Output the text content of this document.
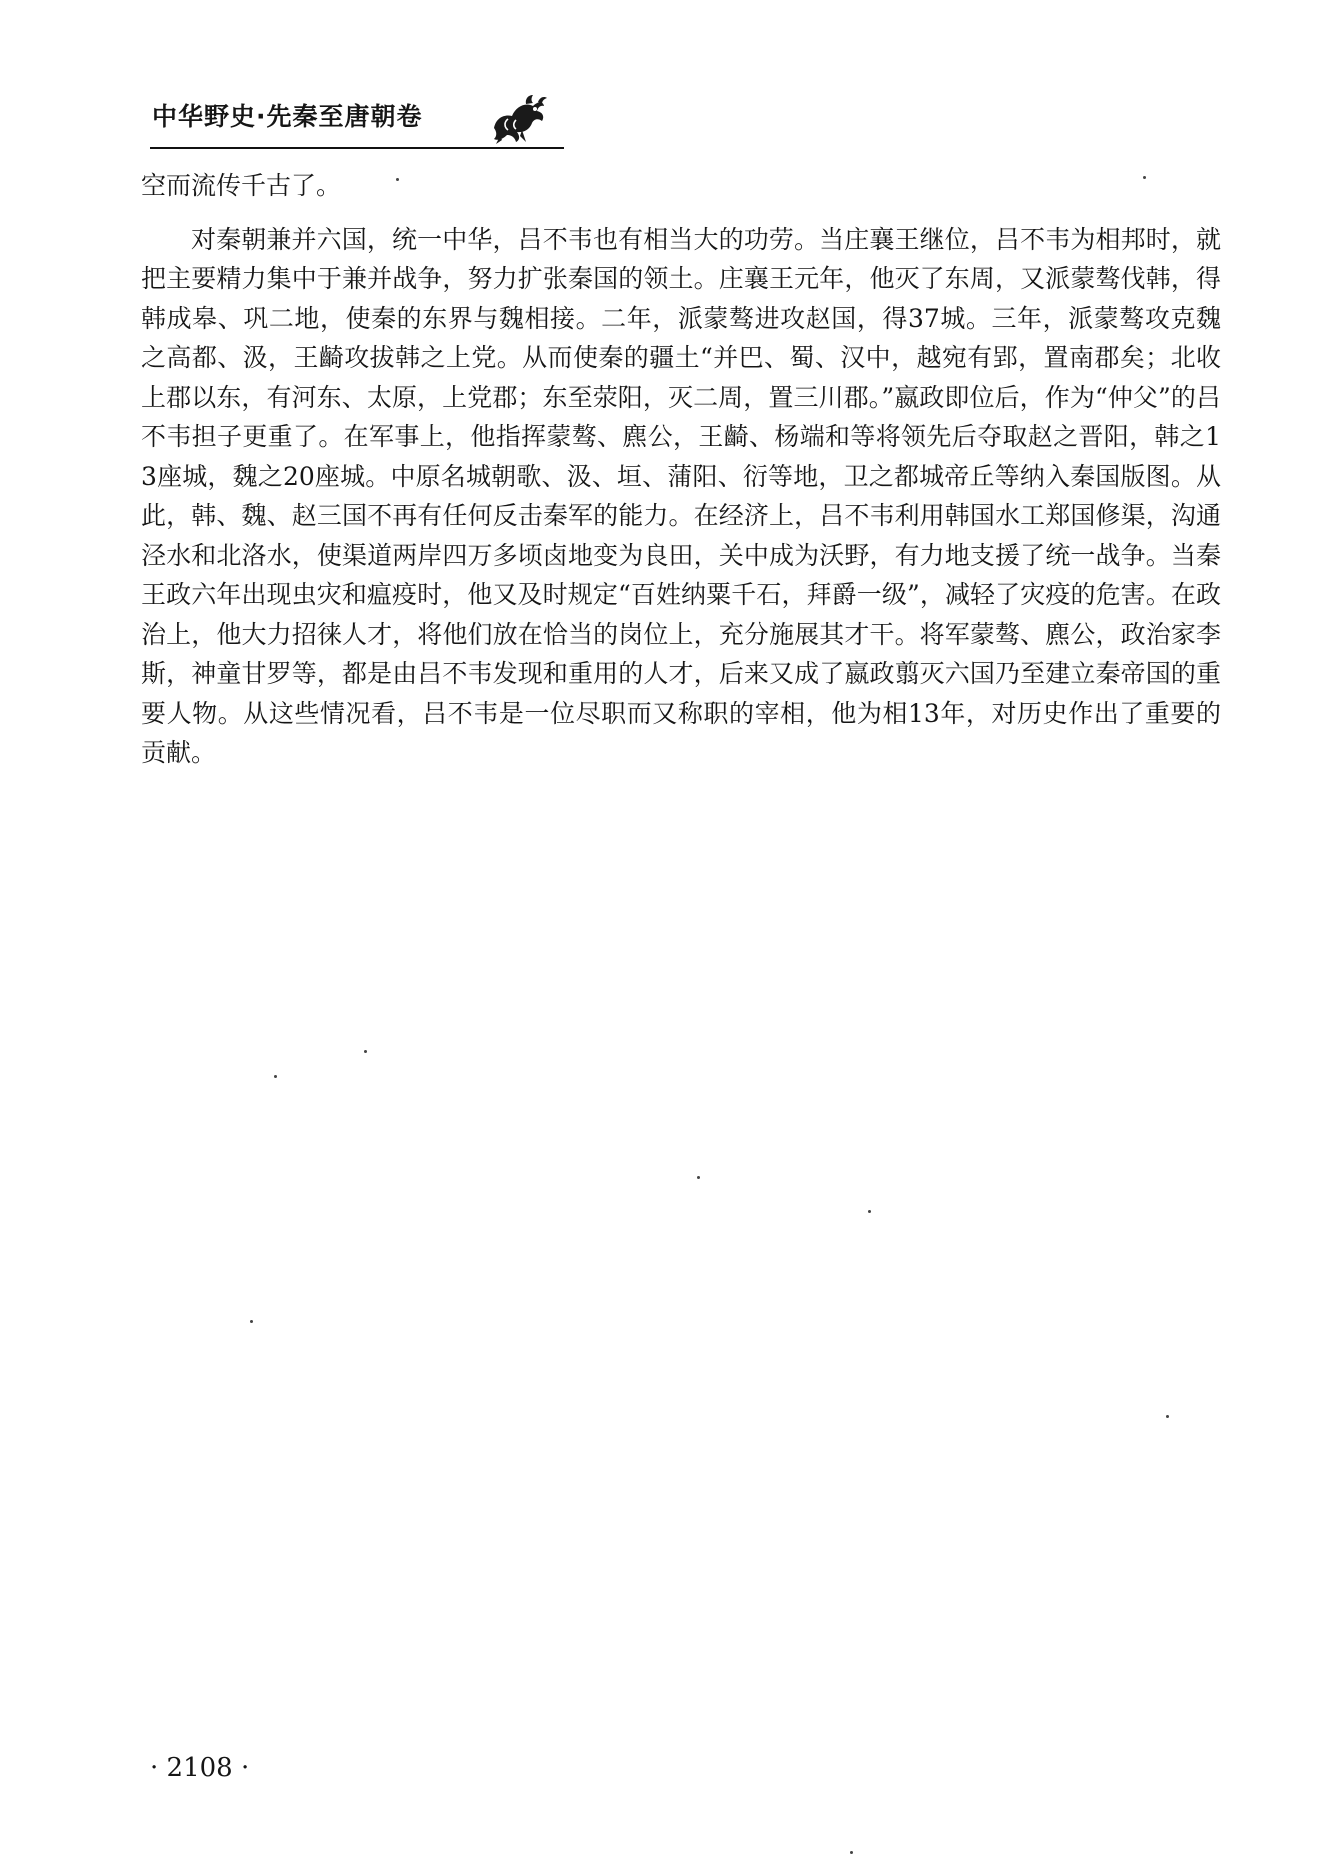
中华野史·先秦至唐朝卷

空而流传千古了。

对秦朝兼并六国，统一中华，吕不韦也有相当大的功劳。当庄襄王继位，吕不韦为相邦时，就把主要精力集中于兼并战争，努力扩张秦国的领土。庄襄王元年，他灭了东周，又派蒙骜伐韩，得韩成皋、巩二地，使秦的东界与魏相接。二年，派蒙骜进攻赵国，得37城。三年，派蒙骜攻克魏之高都、汲，王齮攻拔韩之上党。从而使秦的疆土“并巴、蜀、汉中，越宛有郢，置南郡矣；北收上郡以东，有河东、太原，上党郡；东至荥阳，灭二周，置三川郡。”嬴政即位后，作为“仲父”的吕不韦担子更重了。在军事上，他指挥蒙骜、麃公，王齮、杨端和等将领先后夺取赵之晋阳，韩之13座城，魏之20座城。中原名城朝歌、汲、垣、蒲阳、衍等地，卫之都城帝丘等纳入秦国版图。从此，韩、魏、赵三国不再有任何反击秦军的能力。在经济上，吕不韦利用韩国水工郑国修渠，沟通泾水和北洛水，使渠道两岸四万多顷卤地变为良田，关中成为沃野，有力地支援了统一战争。当秦王政六年出现虫灾和瘟疫时，他又及时规定“百姓纳粟千石，拜爵一级”，减轻了灾疫的危害。在政治上，他大力招徕人才，将他们放在恰当的岗位上，充分施展其才干。将军蒙骜、麃公，政治家李斯，神童甘罗等，都是由吕不韦发现和重用的人才，后来又成了嬴政翦灭六国乃至建立秦帝国的重要人物。从这些情况看，吕不韦是一位尽职而又称职的宰相，他为相13年，对历史作出了重要的贡献。

· 2108 ·
